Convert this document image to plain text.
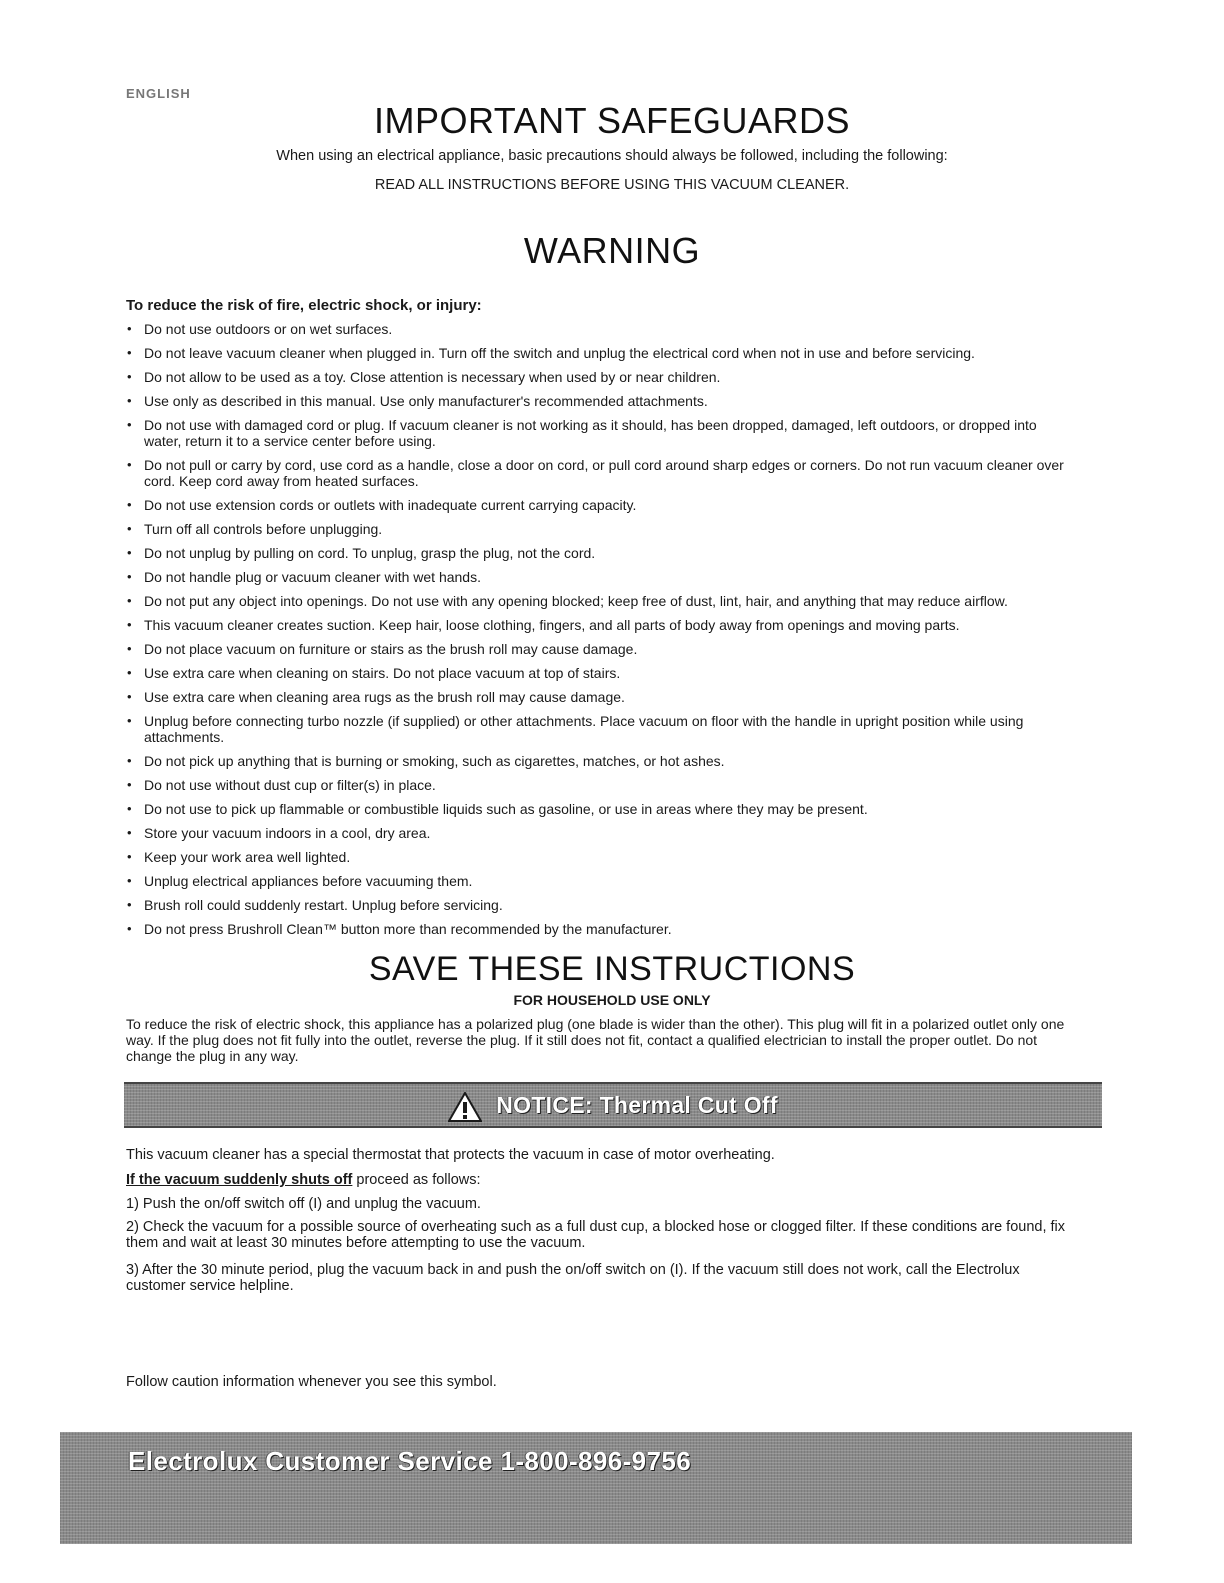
ENGLISH
IMPORTANT SAFEGUARDS
When using an electrical appliance, basic precautions should always be followed, including the following:
READ ALL INSTRUCTIONS BEFORE USING THIS VACUUM CLEANER.
WARNING
To reduce the risk of fire, electric shock, or injury:
• Do not use outdoors or on wet surfaces.
• Do not leave vacuum cleaner when plugged in. Turn off the switch and unplug the electrical cord when not in use and before servicing.
• Do not allow to be used as a toy. Close attention is necessary when used by or near children.
• Use only as described in this manual. Use only manufacturer's recommended attachments.
• Do not use with damaged cord or plug. If vacuum cleaner is not working as it should, has been dropped, damaged, left outdoors, or dropped into water, return it to a service center before using.
• Do not pull or carry by cord, use cord as a handle, close a door on cord, or pull cord around sharp edges or corners. Do not run vacuum cleaner over cord. Keep cord away from heated surfaces.
• Do not use extension cords or outlets with inadequate current carrying capacity.
• Turn off all controls before unplugging.
• Do not unplug by pulling on cord. To unplug, grasp the plug, not the cord.
• Do not handle plug or vacuum cleaner with wet hands.
• Do not put any object into openings. Do not use with any opening blocked; keep free of dust, lint, hair, and anything that may reduce airflow.
• This vacuum cleaner creates suction. Keep hair, loose clothing, fingers, and all parts of body away from openings and moving parts.
• Do not place vacuum on furniture or stairs as the brush roll may cause damage.
• Use extra care when cleaning on stairs. Do not place vacuum at top of stairs.
• Use extra care when cleaning area rugs as the brush roll may cause damage.
• Unplug before connecting turbo nozzle (if supplied) or other attachments. Place vacuum on floor with the handle in upright position while using attachments.
• Do not pick up anything that is burning or smoking, such as cigarettes, matches, or hot ashes.
• Do not use without dust cup or filter(s) in place.
• Do not use to pick up flammable or combustible liquids such as gasoline, or use in areas where they may be present.
• Store your vacuum indoors in a cool, dry area.
• Keep your work area well lighted.
• Unplug electrical appliances before vacuuming them.
• Brush roll could suddenly restart. Unplug before servicing.
• Do not press Brushroll Clean™ button more than recommended by the manufacturer.
SAVE THESE INSTRUCTIONS
FOR HOUSEHOLD USE ONLY

To reduce the risk of electric shock, this appliance has a polarized plug (one blade is wider than the other). This plug will fit in a polarized outlet only one way. If the plug does not fit fully into the outlet, reverse the plug. If it still does not fit, contact a qualified electrician to install the proper outlet. Do not change the plug in any way.

NOTICE: Thermal Cut Off

This vacuum cleaner has a special thermostat that protects the vacuum in case of motor overheating.

If the vacuum suddenly shuts off proceed as follows:

1) Push the on/off switch off (I) and unplug the vacuum.

2) Check the vacuum for a possible source of overheating such as a full dust cup, a blocked hose or clogged filter. If these conditions are found, fix them and wait at least 30 minutes before attempting to use the vacuum.

3) After the 30 minute period, plug the vacuum back in and push the on/off switch on (I). If the vacuum still does not work, call the Electrolux customer service helpline.

Follow caution information whenever you see this symbol.
Electrolux Customer Service 1-800-896-9756
